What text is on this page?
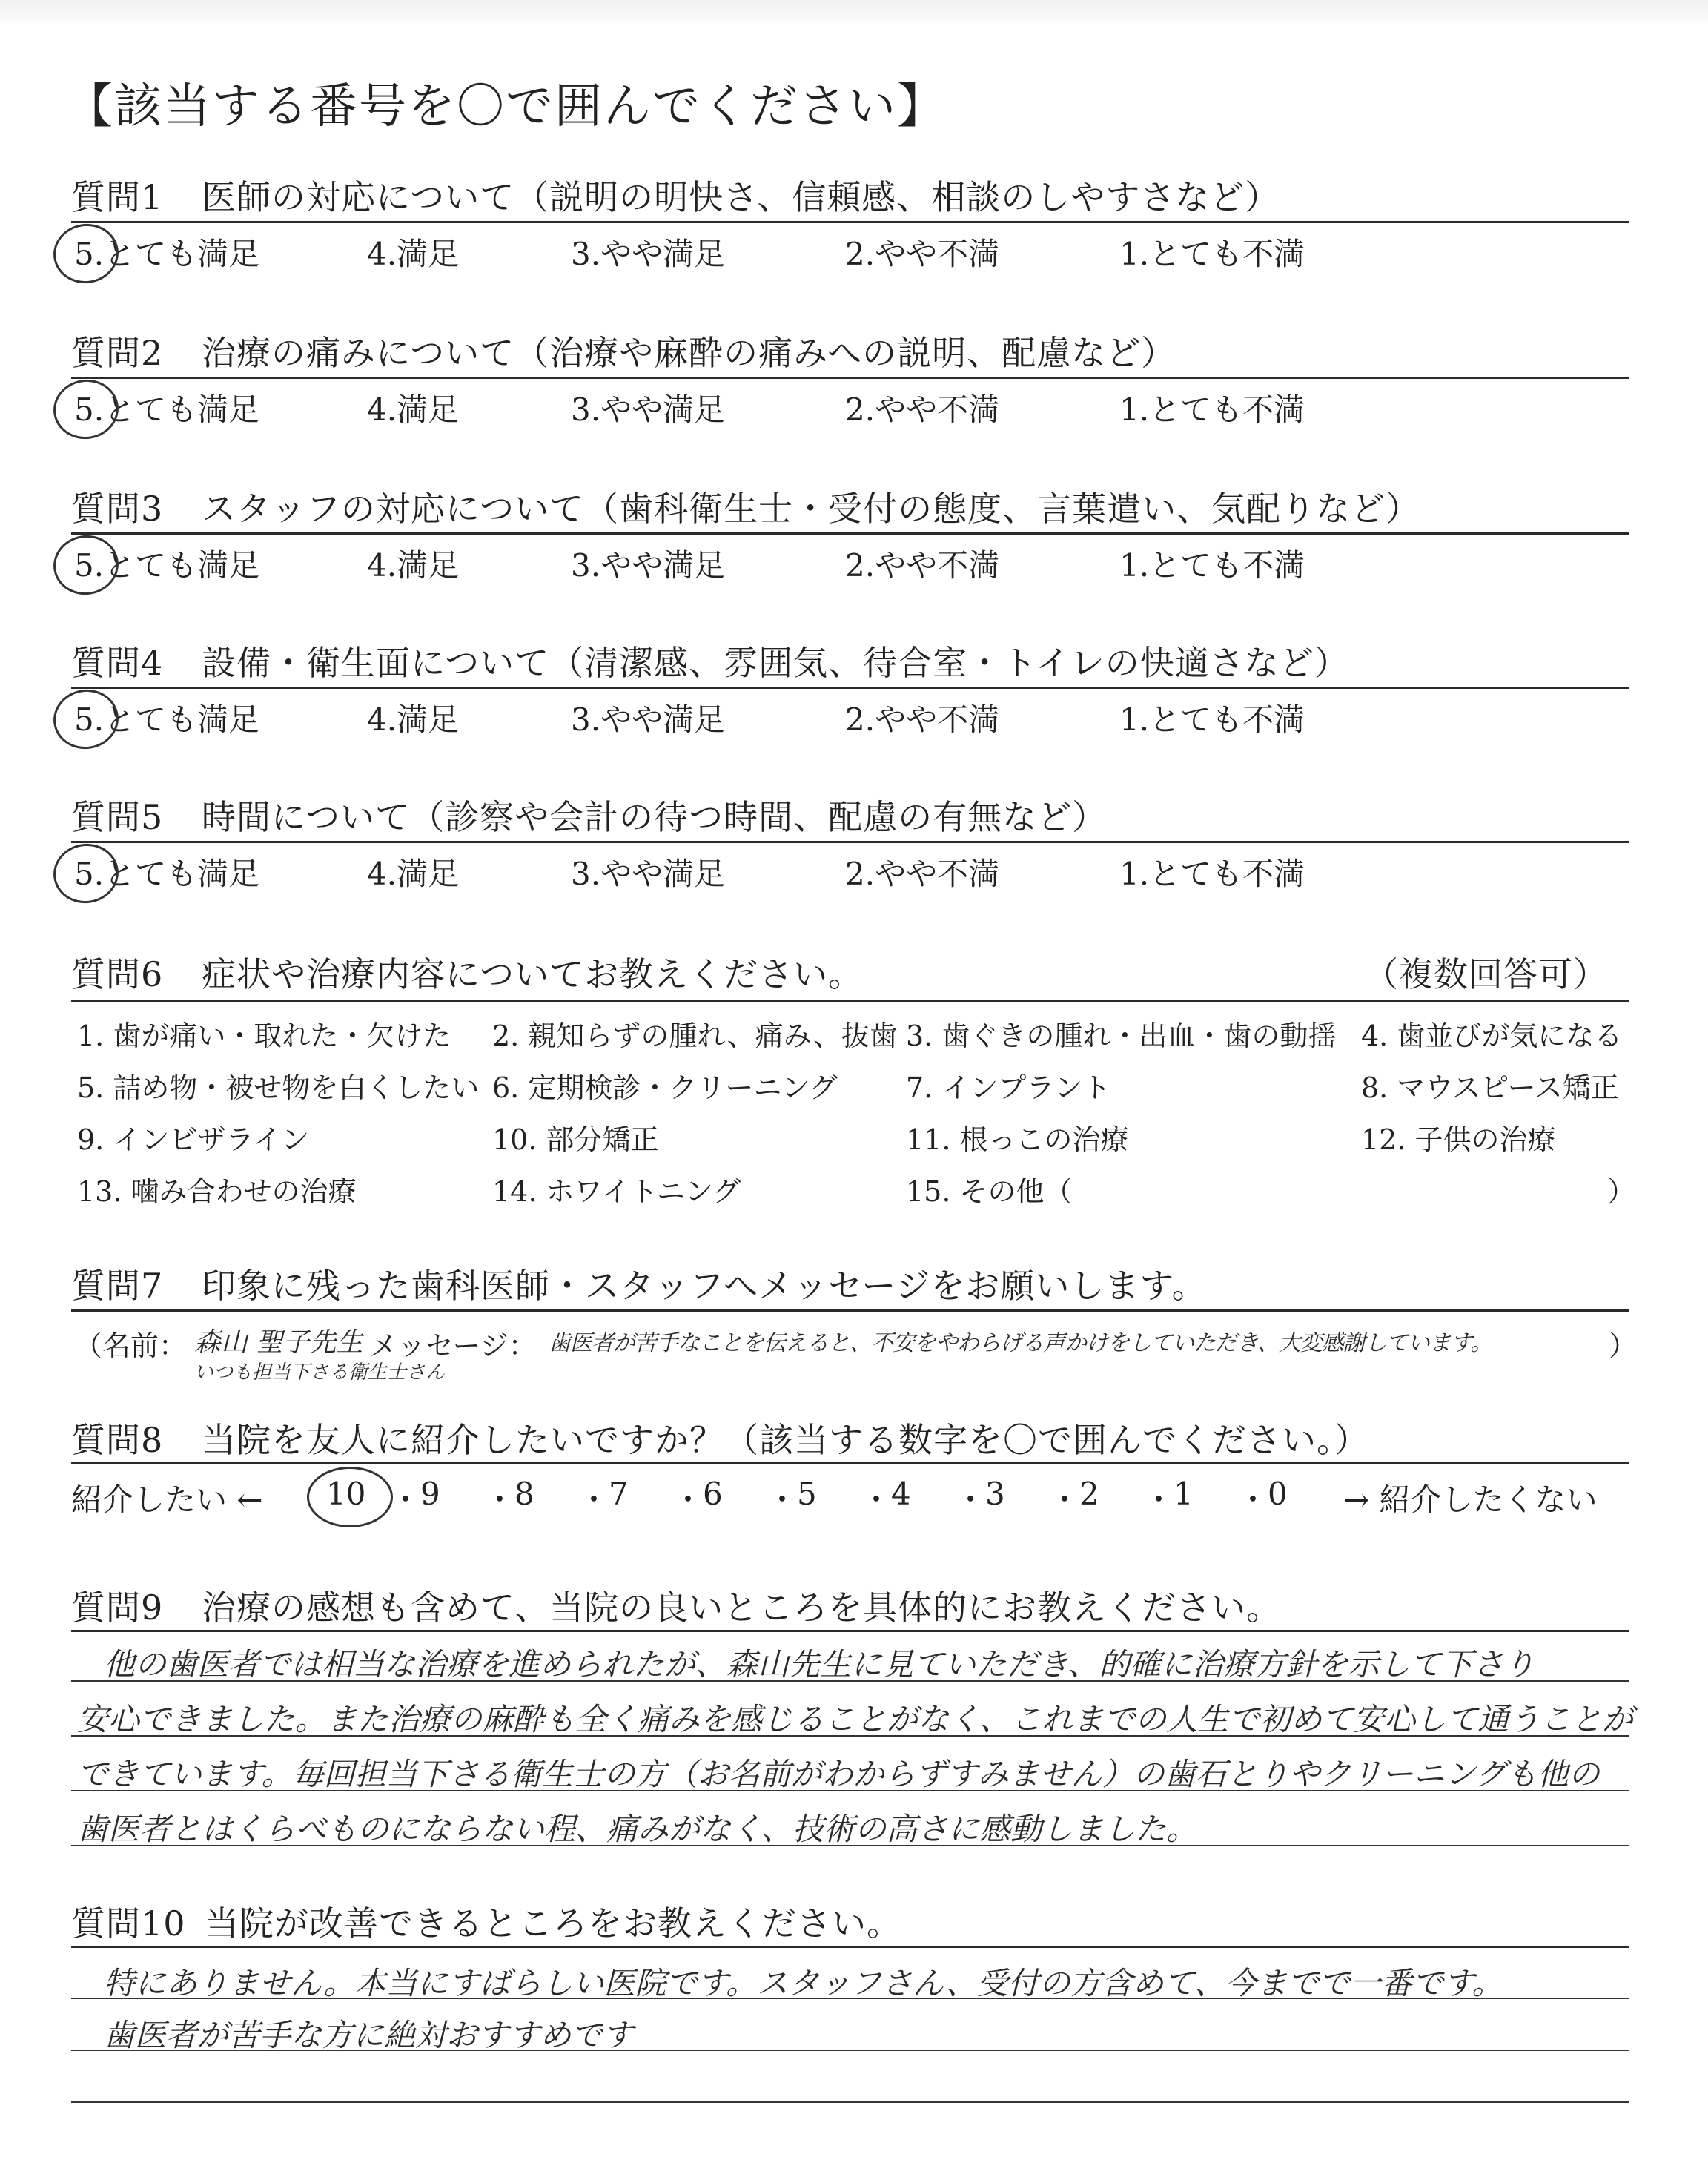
【該当する番号を〇で囲んでください】
質問1 医師の対応について（説明の明快さ、信頼感、相談のしやすさなど）
5.とても満足	4.満足	3.やや満足	2.やや不満	1.とても不満
質問2 治療の痛みについて（治療や麻酔の痛みへの説明、配慮など）
5.とても満足	4.満足	3.やや満足	2.やや不満	1.とても不満
質問3 スタッフの対応について（歯科衛生士・受付の態度、言葉遣い、気配りなど）
5.とても満足	4.満足	3.やや満足	2.やや不満	1.とても不満
質問4 設備・衛生面について（清潔感、雰囲気、待合室・トイレの快適さなど）
5.とても満足	4.満足	3.やや満足	2.やや不満	1.とても不満
質問5 時間について（診察や会計の待つ時間、配慮の有無など）
5.とても満足	4.満足	3.やや満足	2.やや不満	1.とても不満
質問6 症状や治療内容についてお教えください。	（複数回答可）
1. 歯が痛い・取れた・欠けた 2. 親知らずの腫れ、痛み、抜歯 3. 歯ぐきの腫れ・出血・歯の動揺 4. 歯並びが気になる
5. 詰め物・被せ物を白くしたい 6. 定期検診・クリーニング 7. インプラント	8. マウスピース矯正
9. インビザライン	10. 部分矯正	11. 根っこの治療	12. 子供の治療
13. 噛み合わせの治療	14. ホワイトニング	15. その他（	）
質問7 印象に残った歯科医師・スタッフへメッセージをお願いします。
（名前： 森山 聖子先生
いつも担当下さる衛生士さん
メッセージ： 歯医者が苦手なことを伝えると、不安をやわらげる声かけをしていただき、大変感謝しています。	）
質問8 当院を友人に紹介したいですか？（該当する数字を〇で囲んでください。）
紹介したい ← 10 ・
9 ・
8 ・
7 ・
6 ・
5 ・
4 ・
3 ・
2 ・
1 ・
0 → 紹介したくない
質問9 治療の感想も含めて、当院の良いところを具体的にお教えください。
他の歯医者では相当な治療を進められたが、森山先生に見ていただき、的確に治療方針を示して下さり
安心できました。また治療の麻酔も全く痛みを感じることがなく、これまでの人生で初めて安心して通うことが
できています。毎回担当下さる衛生士の方（お名前がわからずすみません）の歯石とりやクリーニングも他の
歯医者とはくらべものにならない程、痛みがなく、技術の高さに感動しました。
質問10 当院が改善できるところをお教えください。
特にありません。本当にすばらしい医院です。スタッフさん、受付の方含めて、今までで一番です。
歯医者が苦手な方に絶対おすすめです
